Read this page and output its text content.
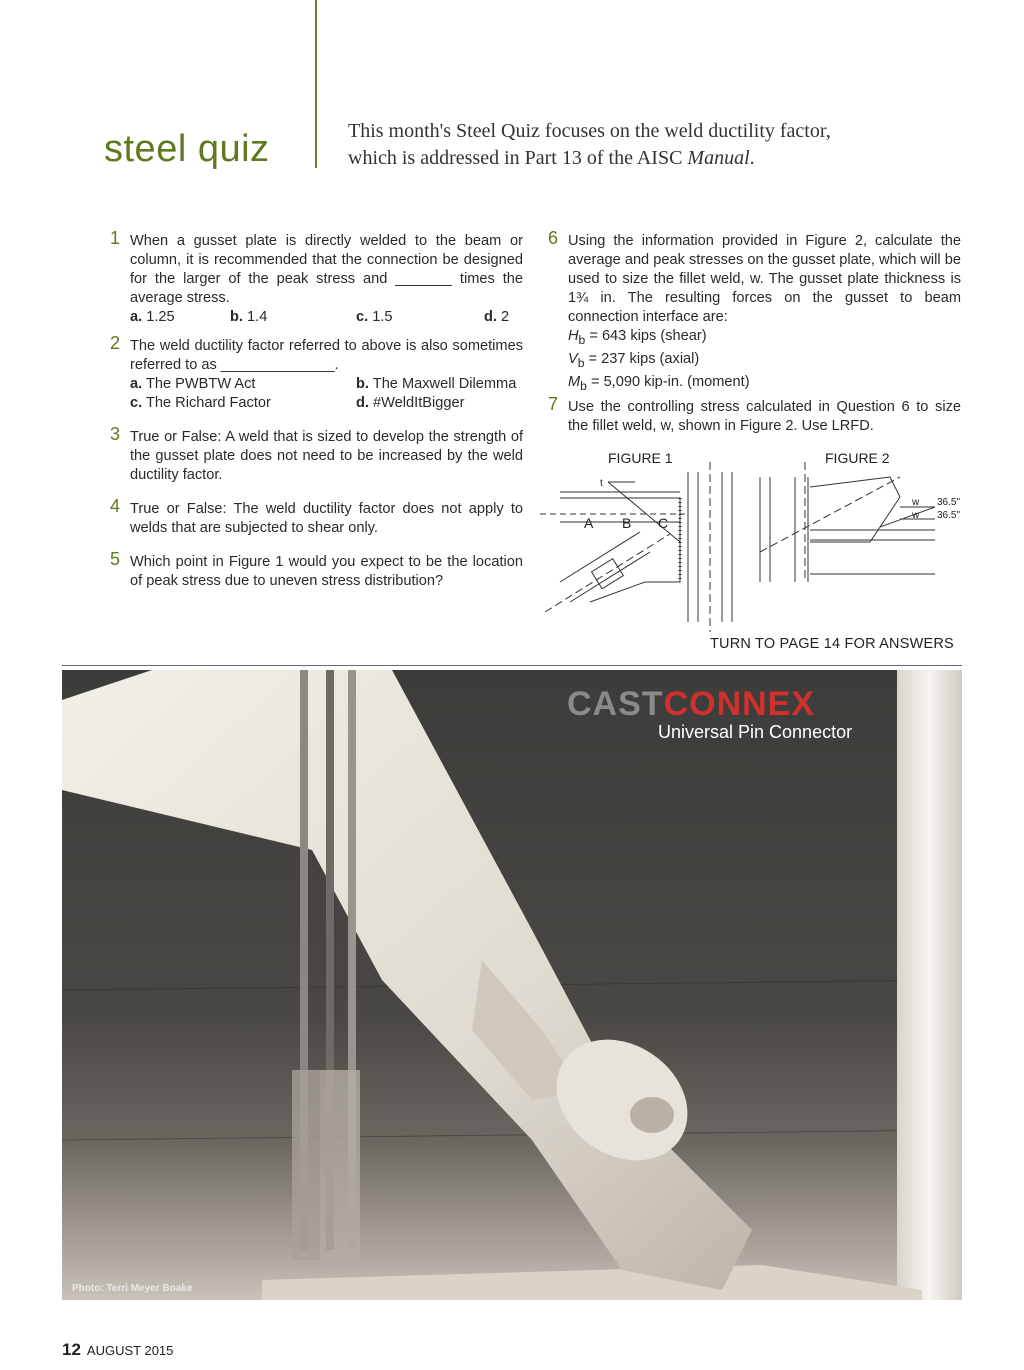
steel quiz	This month's Steel Quiz focuses on the weld ductility factor,
which is addressed in Part 13 of the AISC Manual.
1 When a gusset plate is directly welded to the beam or column, it is recommended that the connection be designed for the larger of the peak stress and _______ times the average stress.

a. 1.25	b. 1.4	c. 1.5	d. 2
2 The weld ductility factor referred to above is also sometimes referred to as ______________.

a. The PWBTW Act	b. The Maxwell Dilemma
c. The Richard Factor	d. #WeldItBigger
3 True or False: A weld that is sized to develop the strength of the gusset plate does not need to be increased by the weld ductility factor.

4 True or False: The weld ductility factor does not apply to welds that are subjected to shear only.

5 Which point in Figure 1 would you expect to be the location of peak stress due to uneven stress distribution?

6 Using the information provided in Figure 2, calculate the average and peak stresses on the gusset plate, which will be used to size the fillet weld, w. The gusset plate thickness is 1¾ in. The resulting forces on the gusset to beam connection interface are:

$H_b = 643$ kips (shear)
$V_b = 237$ kips (axial)
$M_b = 5,090$ kip-in. (moment)
7 Use the controlling stress calculated in Question 6 to size the fillet weld, w, shown in Figure 2. Use LRFD.

FIGURE 1	FIGURE 2
A B C
t
w
w
36.5"
36.5"
TURN TO PAGE 14 FOR ANSWERS
CASTCONNEX
Universal Pin Connector
Photo: Terri Meyer Boake
12 AUGUST 2015
